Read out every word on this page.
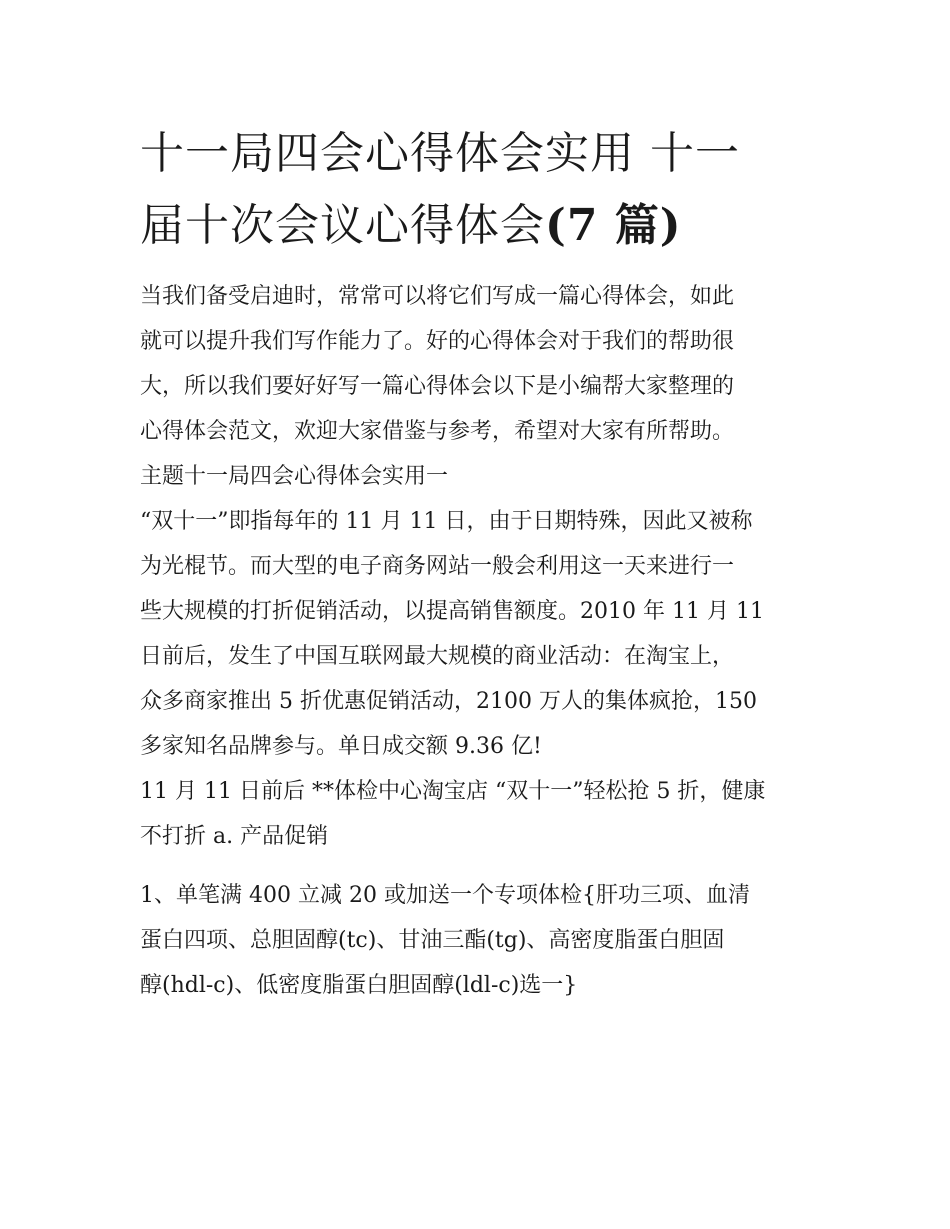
十一局四会心得体会实用 十一
届十次会议心得体会(7 篇)

当我们备受启迪时，常常可以将它们写成一篇心得体会，如此

就可以提升我们写作能力了。好的心得体会对于我们的帮助很

大，所以我们要好好写一篇心得体会以下是小编帮大家整理的

心得体会范文，欢迎大家借鉴与参考，希望对大家有所帮助。

主题十一局四会心得体会实用一

“双十一”即指每年的 11 月 11 日，由于日期特殊，因此又被称

为光棍节。而大型的电子商务网站一般会利用这一天来进行一

些大规模的打折促销活动，以提高销售额度。2010 年 11 月 11

日前后，发生了中国互联网最大规模的商业活动：在淘宝上，

众多商家推出 5 折优惠促销活动，2100 万人的集体疯抢，150

多家知名品牌参与。单日成交额 9.36 亿!

11 月 11 日前后 **体检中心淘宝店 “双十一”轻松抢 5 折，健康

不打折 a. 产品促销

1、单笔满 400 立减 20 或加送一个专项体检{肝功三项、血清

蛋白四项、总胆固醇(tc)、甘油三酯(tg)、高密度脂蛋白胆固

醇(hdl-c)、低密度脂蛋白胆固醇(ldl-c)选一}
